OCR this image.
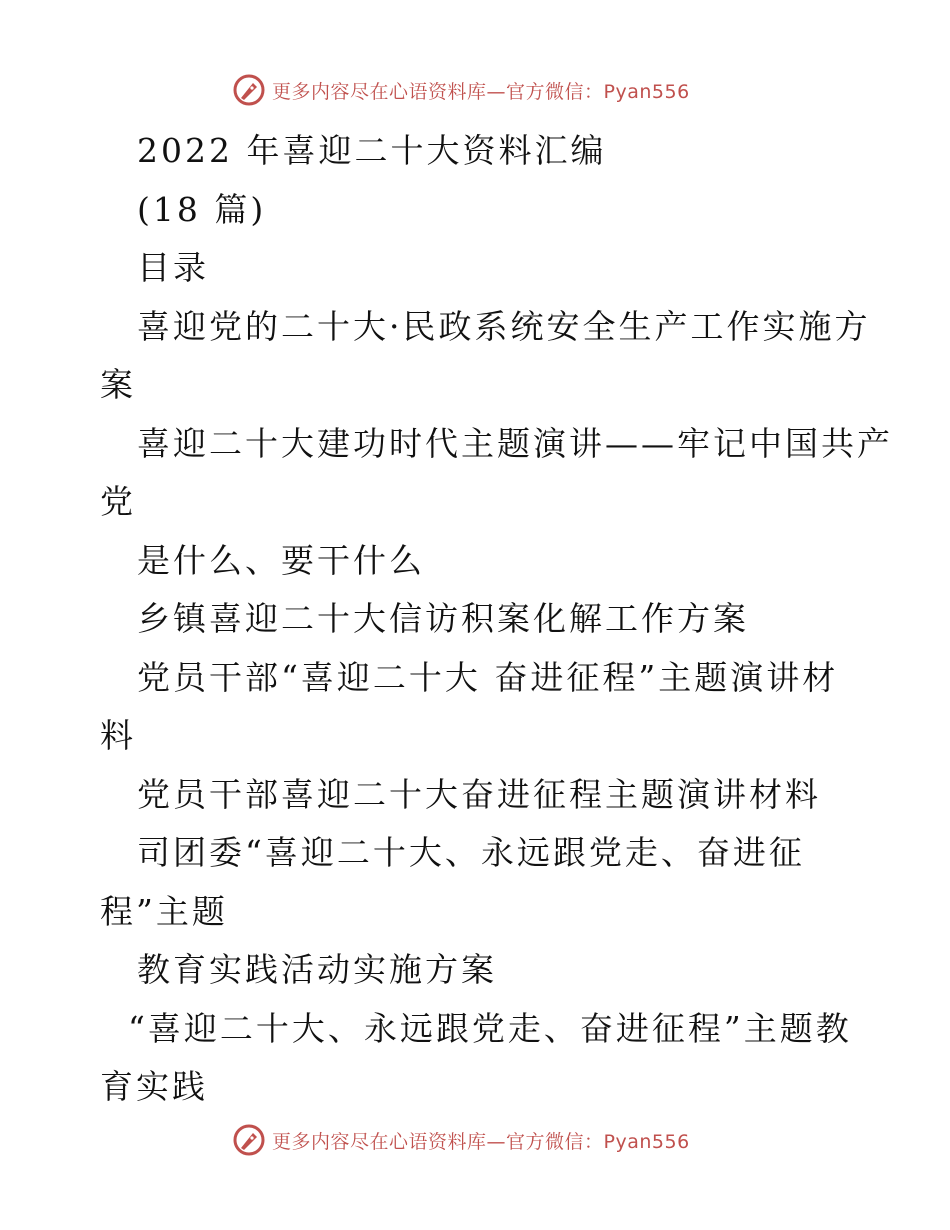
更多内容尽在心语资料库—官方微信：Pyan556
2022 年喜迎二十大资料汇编
(18 篇)
目录
喜迎党的二十大·民政系统安全生产工作实施方
案
喜迎二十大建功时代主题演讲——牢记中国共产
党
是什么、要干什么
乡镇喜迎二十大信访积案化解工作方案
党员干部“喜迎二十大 奋进征程”主题演讲材
料
党员干部喜迎二十大奋进征程主题演讲材料
司团委“喜迎二十大、永远跟党走、奋进征
程”主题
教育实践活动实施方案
“喜迎二十大、永远跟党走、奋进征程”主题教
育实践
更多内容尽在心语资料库—官方微信：Pyan556
